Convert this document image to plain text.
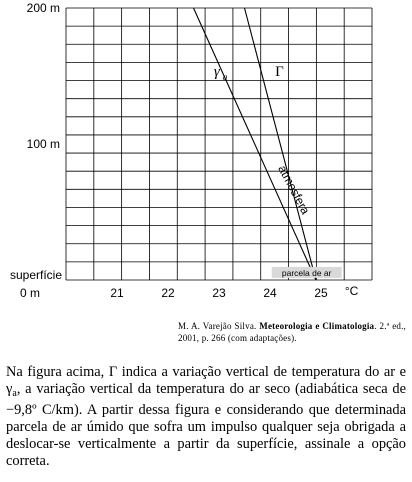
200 m
100 m
superfície
0 m	21	22	23	24	25 °C
atmosfera
parcela de ar
γ a	Γ
M. A. Varejão Silva. Meteorologia e Climatologia. 2.ª ed., 2001, p. 266 (com adaptações).
Na figura acima, Γ indica a variação vertical de temperatura do ar e $\gamma_a$, a variação vertical da temperatura do ar seco (adiabática seca de −9,8º C/km). A partir dessa figura e considerando que determinada parcela de ar úmido que sofra um impulso qualquer seja obrigada a deslocar-se verticalmente a partir da superfície, assinale a opção correta.
